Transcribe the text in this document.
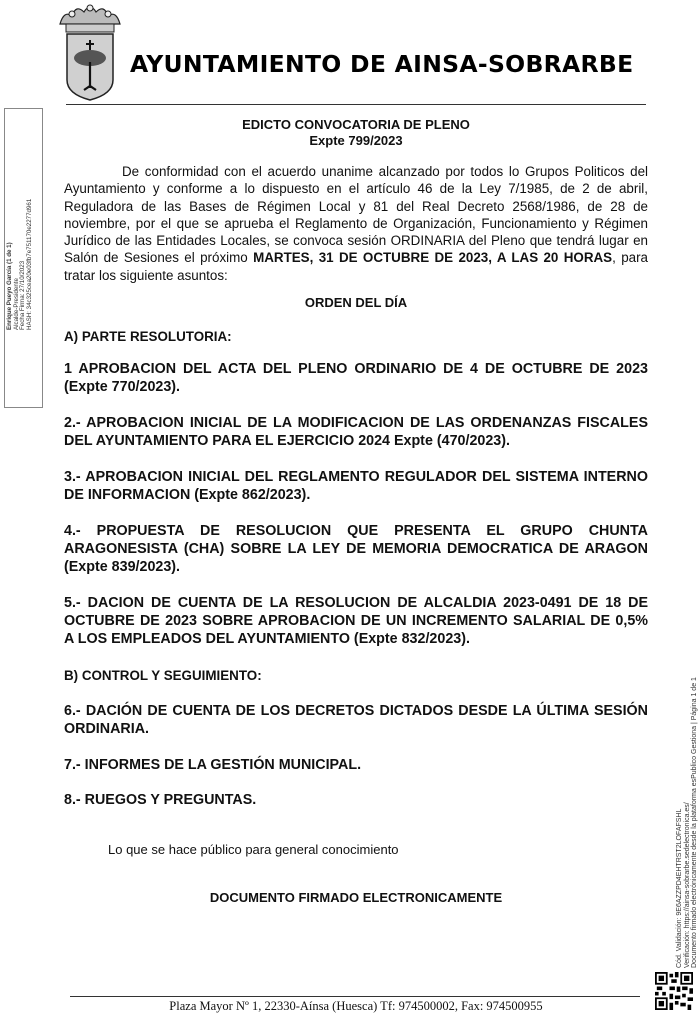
AYUNTAMIENTO DE AINSA-SOBRARBE
Enrique Pueyo García (1 de 1) Alcalde-Presidente Fecha Firma: 27/10/2023 HASH: 34c325cea20e03fb7e751170e2277d961
Cód. Validación: 9E6AZZPD4EHTRST2LOFAFSHL Verificación: https://ainsa-sobrarbe.sedelectronica.es/ Documento firmado electrónicamente desde la plataforma esPublico Gestiona | Página 1 de 1
EDICTO CONVOCATORIA DE PLENO
Expte 799/2023
De conformidad con el acuerdo unanime alcanzado por todos lo Grupos Politicos del Ayuntamiento y conforme a lo dispuesto en el artículo 46 de la Ley 7/1985, de 2 de abril, Reguladora de las Bases de Régimen Local y 81 del Real Decreto 2568/1986, de 28 de noviembre, por el que se aprueba el Reglamento de Organización, Funcionamiento y Régimen Jurídico de las Entidades Locales, se convoca sesión ORDINARIA del Pleno que tendrá lugar en Salón de Sesiones el próximo MARTES, 31 DE OCTUBRE DE 2023, A LAS 20 HORAS, para tratar los siguiente asuntos:
ORDEN DEL DÍA
A) PARTE RESOLUTORIA:
1 APROBACION DEL ACTA DEL PLENO ORDINARIO DE 4 DE OCTUBRE DE 2023 (Expte 770/2023).
2.- APROBACION INICIAL DE LA MODIFICACION DE LAS ORDENANZAS FISCALES DEL AYUNTAMIENTO PARA EL EJERCICIO 2024 Expte (470/2023).
3.- APROBACION INICIAL DEL REGLAMENTO REGULADOR DEL SISTEMA INTERNO DE INFORMACION (Expte 862/2023).
4.- PROPUESTA DE RESOLUCION QUE PRESENTA EL GRUPO CHUNTA ARAGONESISTA (CHA) SOBRE LA LEY DE MEMORIA DEMOCRATICA DE ARAGON (Expte 839/2023).
5.- DACION DE CUENTA DE LA RESOLUCION DE ALCALDIA 2023-0491 DE 18 DE OCTUBRE DE 2023 SOBRE APROBACION DE UN INCREMENTO SALARIAL DE 0,5% A LOS EMPLEADOS DEL AYUNTAMIENTO (Expte 832/2023).
B) CONTROL Y SEGUIMIENTO:
6.- DACIÓN DE CUENTA DE LOS DECRETOS DICTADOS DESDE LA ÚLTIMA SESIÓN ORDINARIA.
7.- INFORMES DE LA GESTIÓN MUNICIPAL.
8.- RUEGOS Y PREGUNTAS.
Lo que se hace público para general conocimiento
DOCUMENTO FIRMADO ELECTRONICAMENTE
Plaza Mayor Nº 1, 22330-Aínsa (Huesca) Tf: 974500002, Fax: 974500955
